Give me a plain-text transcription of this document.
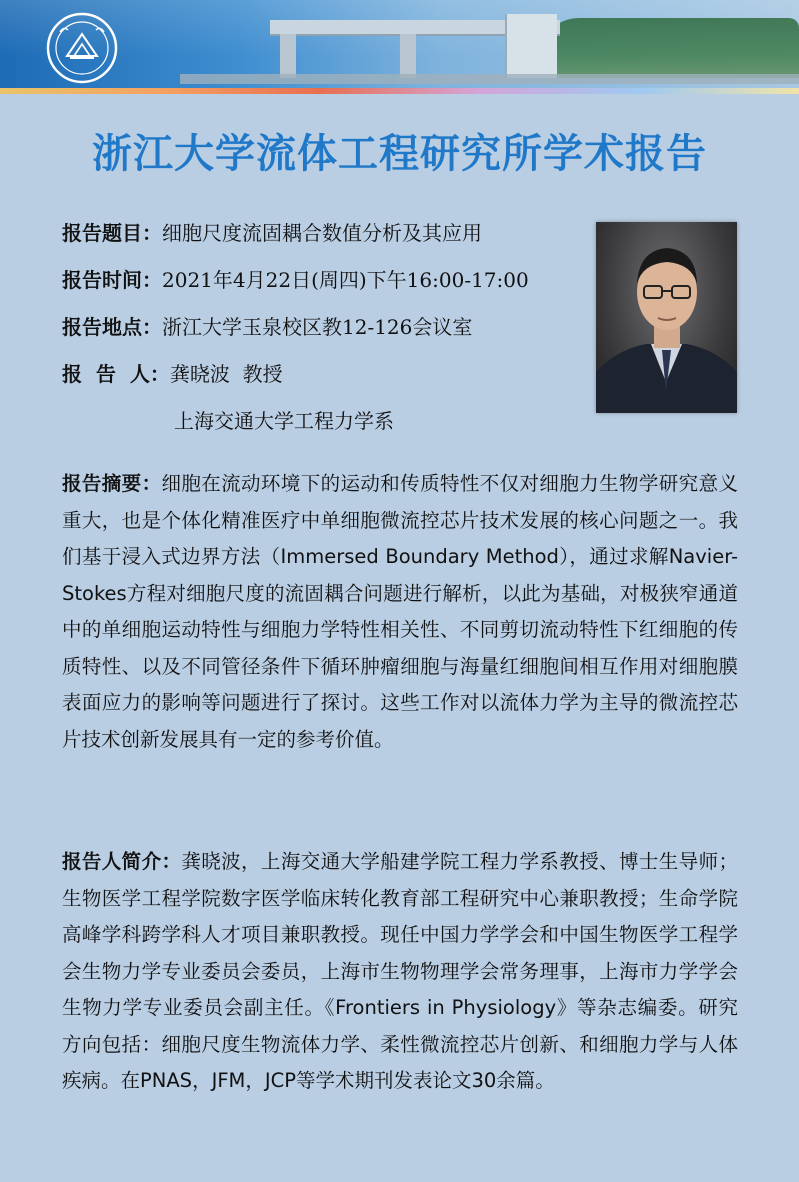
浙江大学流体工程研究所学术报告
报告题目：细胞尺度流固耦合数值分析及其应用
报告时间：2021年4月22日(周四)下午16:00-17:00
报告地点：浙江大学玉泉校区教12-126会议室
报  告  人：龚晓波  教授
上海交通大学工程力学系
报告摘要：细胞在流动环境下的运动和传质特性不仅对细胞力生物学研究意义重大，也是个体化精准医疗中单细胞微流控芯片技术发展的核心问题之一。我们基于浸入式边界方法（Immersed Boundary Method），通过求解Navier-Stokes方程对细胞尺度的流固耦合问题进行解析，以此为基础，对极狭窄通道中的单细胞运动特性与细胞力学特性相关性、不同剪切流动特性下红细胞的传质特性、以及不同管径条件下循环肿瘤细胞与海量红细胞间相互作用对细胞膜表面应力的影响等问题进行了探讨。这些工作对以流体力学为主导的微流控芯片技术创新发展具有一定的参考价值。
报告人简介：龚晓波，上海交通大学船建学院工程力学系教授、博士生导师；生物医学工程学院数字医学临床转化教育部工程研究中心兼职教授；生命学院高峰学科跨学科人才项目兼职教授。现任中国力学学会和中国生物医学工程学会生物力学专业委员会委员，上海市生物物理学会常务理事，上海市力学学会生物力学专业委员会副主任。《Frontiers in Physiology》等杂志编委。研究方向包括：细胞尺度生物流体力学、柔性微流控芯片创新、和细胞力学与人体疾病。在PNAS，JFM，JCP等学术期刊发表论文30余篇。
